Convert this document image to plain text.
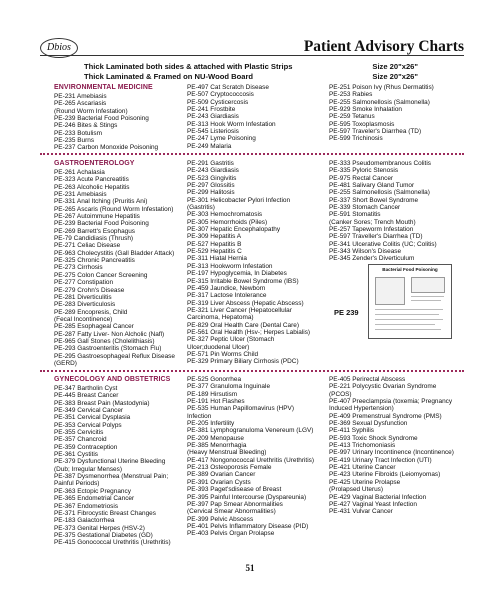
Dbios	Patient Advisory Charts
Thick Laminated both sides & attached with Plastic Strips
Thick Laminated & Framed on NU-Wood Board
Size 20"x26"
Size 20"x26"
ENVIRONMENTAL MEDICINE
PE-231 Amebiasis
PE-265 Ascariasis
(Round Worm Infestation)
PE-239 Bacterial Food Poisoning
PE-246 Bites & Stings
PE-233 Botulism
PE-235 Burns
PE-237 Carbon Monoxide Poisoning
PE-497 Cat Scratch Disease
PE-507 Cryptococcosis
PE-509 Cysticercosis
PE-241 Frostbite
PE-243 Giardiasis
PE-313 Hook Worm Infestation
PE-545 Listeriosis
PE-247 Lyme Poisoning
PE-249 Malaria
PE-251 Poison Ivy (Rhus Dermatitis)
PE-253 Rabies
PE-255 Salmonellosis (Salmonella)
PE-929 Smoke Inhalation
PE-259 Tetanus
PE-595 Toxoplasmosis
PE-597 Traveler's Diarrhea (TD)
PE-599 Trichinosis
GASTROENTEROLOGY
PE-261 Achalasia
PE-323 Acute Pancreatitis
PE-263 Alcoholic Hepatitis
PE-231 Amebiasis
PE-331 Anal Itching (Pruritis Ani)
PE-265 Ascaris (Round Worm Infestation)
PE-267 Autoimmune Hepatitis
PE-239 Bacterial Food Poisoning
PE-269 Barrett's Esophagus
PE-79 Candidiasis (Thrush)
PE-271 Celiac Disease
PE-963 Cholecystitis (Gall Bladder Attack)
PE-325 Chronic Pancreatitis
PE-273 Cirrhosis
PE-275 Colon Cancer Screening
PE-277 Constipation
PE-279 Crohn's Disease
PE-281 Diverticulitis
PE-283 Diverticulosis
PE-289 Encopresis, Child
(Fecal Incontinence)
PE-285 Esophageal Cancer
PE-287 Fatty Liver- Non Alcholic (Nafl)
PE-965 Gall Stones (Cholelithiasis)
PE-293 Gastroenteritis (Stomach Flu)
PE-295 Gastroesophageal Reflux Disease
(GERD)
PE-291 Gastritis
PE-243 Giardiasis
PE-523 Gingivitis
PE-297 Glossitis
PE-299 Halitosis
PE-301 Helicobacter Pylori Infection
(Gastritis)
PE-303 Hemochromatosis
PE-305 Hemorrhoids (Piles)
PE-307 Hepatic Encephalopathy
PE-309 Hepatitis A
PE-527 Hepatitis B
PE-529 Hepatitis C
PE-311 Hiatal Hernia
PE-313 Hookworm Infestation
PE-197 Hypoglycemia, In Diabetes
PE-315 Irritable Bowel Syndrome (IBS)
PE-459 Jaundice, Newborn
PE-317 Lactose Intolerance
PE-319 Liver Abscess (Hepatic Abscess)
PE-321 Liver Cancer (Hepatocellular
Carcinoma, Hepatoma)
PE-829 Oral Health Care (Dental Care)
PE-561 Oral Health (Hsv-; Herpes Labialis)
PE-327 Peptic Ulcer (Stomach
Ulcer;duodenal Ulcer)
PE-571 Pin Worms Child
PE-329 Primary Biliary Cirrhosis (PDC)
PE-333 Pseudomembranous Colitis
PE-335 Pyloric Stenosis
PE-975 Rectal Cancer
PE-481 Salivary Gland Tumor
PE-255 Salmonellosis (Salmonella)
PE-337 Short Bowel Syndrome
PE-339 Stomach Cancer
PE-591 Stomatitis
(Canker Sores; Trench Mouth)
PE-257 Tapeworm Infestation
PE-597 Traveller's Diarrhea (TD)
PE-341 Ulcerative Colitis (UC; Colitis)
PE-343 Wilson's Disease
PE-345 Zender's Diverticulum
Bacterial Food Poisoning
PE 239
GYNECOLOGY AND OBSTETRICS
PE-347 Bartholin Cyst
PE-445 Breast Cancer
PE-383 Breast Pain (Mastodynia)
PE-349 Cervical Cancer
PE-351 Cervical Dysplasia
PE-353 Cervical Polyps
PE-355 Cervicitis
PE-357 Chancroid
PE-359 Contraception
PE-361 Cystitis
PE-379 Dysfunctional Uterine Bleeding
(Dub; Irregular Menses)
PE-387 Dysmenorrhea (Menstrual Pain;
Painful Periods)
PE-363 Ectopic Pregnancy
PE-365 Endometrial Cancer
PE-367 Endometriosis
PE-371 Fibrocystic Breast Changes
PE-183 Galactorrhea
PE-373 Genital Herpes (HSV-2)
PE-375 Gestational Diabetes (GD)
PE-415 Gonococcal Urethritis (Urethritis)
PE-525 Gonorrhea
PE-377 Granuloma Inguinale
PE-189 Hirsutism
PE-191 Hot Flashes
PE-535 Human Papillomavirus (HPV)
Infection
PE-205 Infertility
PE-381 Lymphogranuloma Venereum (LGV)
PE-209 Menopause
PE-385 Menorrhagia
(Heavy Menstrual Bleeding)
PE-417 Nongonococcal Urethritis (Urethritis)
PE-213 Osteoporosis Female
PE-389 Ovarian Cancer
PE-391 Ovarian Cysts
PE-393 Paget'sdisease of Breast
PE-395 Painful Intercourse (Dyspareunia)
PE-397 Pap Smear Abnormalities
(Cervical Smear Abnormalities)
PE-399 Pelvic Abscess
PE-401 Pelvis Inflammatory Disease (PID)
PE-403 Pelvis Organ Prolapse
PE-405 Perirectal Abscess
PE-221 Polycystic Ovarian Syndrome
(PCOS)
PE-407 Preeclampsia (toxemia; Pregnancy
Induced Hypertension)
PE-409 Premenstrual Syndrome (PMS)
PE-369 Sexual Dysfunction
PE-411 Syphilis
PE-593 Toxic Shock Syndrome
PE-413 Trichomoniasis
PE-997 Urinary Incontinence (Incontinence)
PE-419 Urinary Tract Infection (UTI)
PE-421 Uterine Cancer
PE-423 Uterine Fibroids (Leiomyomas)
PE-425 Uterine Prolapse
(Prolapsed Uterus)
PE-429 Vaginal Bacterial Infection
PE-427 Vaginal Yeast Infection
PE-431 Vulvar Cancer
51
